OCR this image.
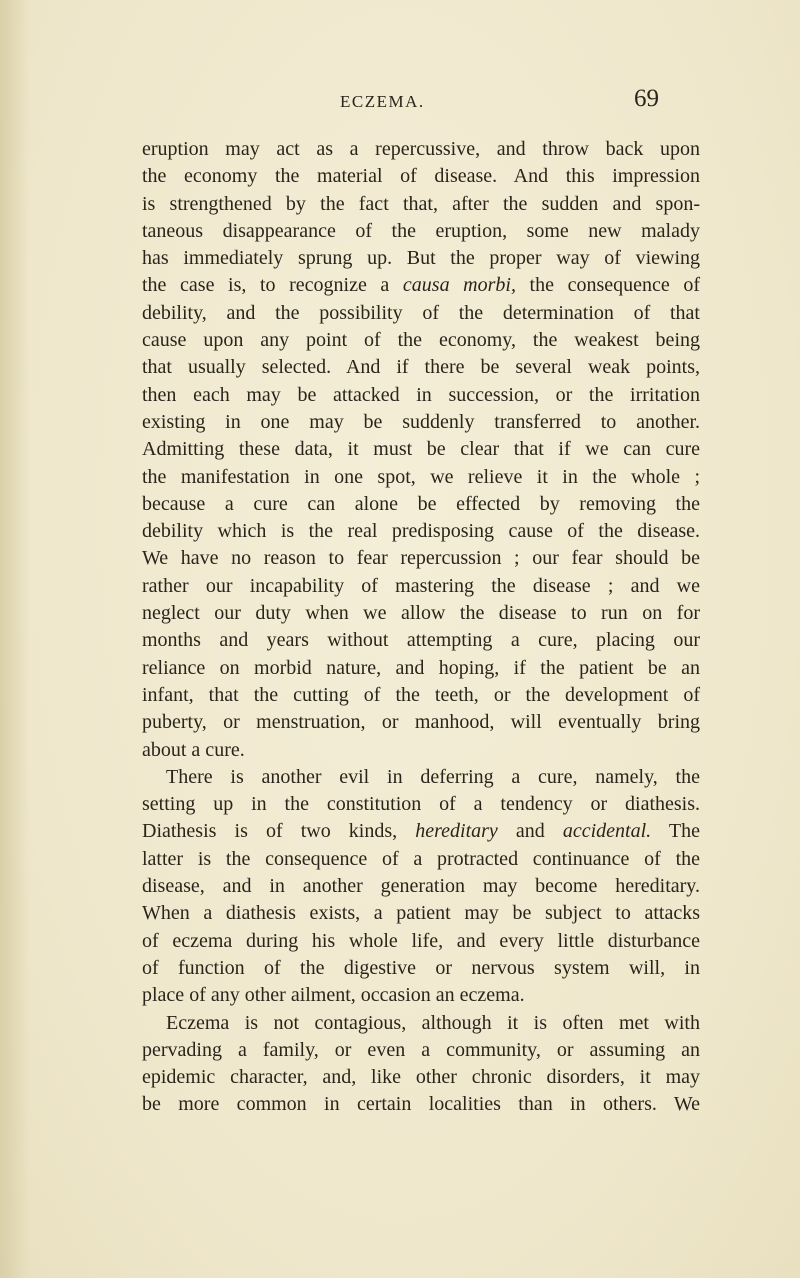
ECZEMA.	69
eruption may act as a repercussive, and throw back upon
the economy the material of disease. And this impression
is strengthened by the fact that, after the sudden and spon-
taneous disappearance of the eruption, some new malady
has immediately sprung up. But the proper way of viewing
the case is, to recognize a causa morbi, the consequence of
debility, and the possibility of the determination of that
cause upon any point of the economy, the weakest being
that usually selected. And if there be several weak points,
then each may be attacked in succession, or the irritation
existing in one may be suddenly transferred to another.
Admitting these data, it must be clear that if we can cure
the manifestation in one spot, we relieve it in the whole ;
because a cure can alone be effected by removing the
debility which is the real predisposing cause of the disease.
We have no reason to fear repercussion ; our fear should be
rather our incapability of mastering the disease ; and we
neglect our duty when we allow the disease to run on for
months and years without attempting a cure, placing our
reliance on morbid nature, and hoping, if the patient be an
infant, that the cutting of the teeth, or the development of
puberty, or menstruation, or manhood, will eventually bring
about a cure.
There is another evil in deferring a cure, namely, the
setting up in the constitution of a tendency or diathesis.
Diathesis is of two kinds, hereditary and accidental. The
latter is the consequence of a protracted continuance of the
disease, and in another generation may become hereditary.
When a diathesis exists, a patient may be subject to attacks
of eczema during his whole life, and every little disturbance
of function of the digestive or nervous system will, in
place of any other ailment, occasion an eczema.
Eczema is not contagious, although it is often met with
pervading a family, or even a community, or assuming an
epidemic character, and, like other chronic disorders, it may
be more common in certain localities than in others. We
